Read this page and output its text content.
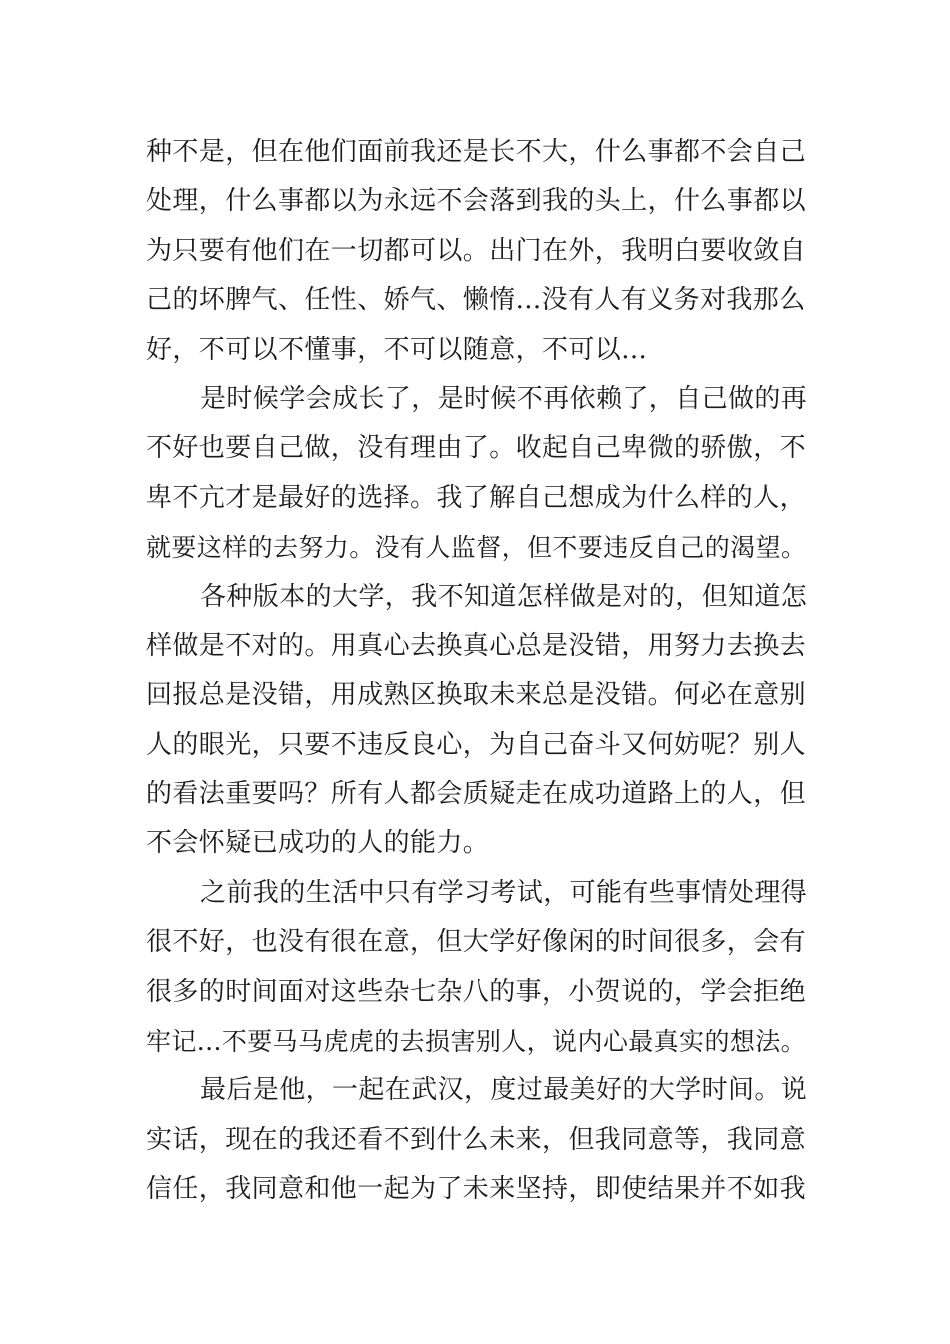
种不是，但在他们面前我还是长不大，什么事都不会自己
处理，什么事都以为永远不会落到我的头上，什么事都以
为只要有他们在一切都可以。出门在外，我明白要收敛自
己的坏脾气、任性、娇气、懒惰...没有人有义务对我那么
好，不可以不懂事，不可以随意，不可以...
是时候学会成长了，是时候不再依赖了，自己做的再
不好也要自己做，没有理由了。收起自己卑微的骄傲，不
卑不亢才是最好的选择。我了解自己想成为什么样的人，
就要这样的去努力。没有人监督，但不要违反自己的渴望。
各种版本的大学，我不知道怎样做是对的，但知道怎
样做是不对的。用真心去换真心总是没错，用努力去换去
回报总是没错，用成熟区换取未来总是没错。何必在意别
人的眼光，只要不违反良心，为自己奋斗又何妨呢？别人
的看法重要吗？所有人都会质疑走在成功道路上的人，但
不会怀疑已成功的人的能力。
之前我的生活中只有学习考试，可能有些事情处理得
很不好，也没有很在意，但大学好像闲的时间很多，会有
很多的时间面对这些杂七杂八的事，小贺说的，学会拒绝
牢记...不要马马虎虎的去损害别人，说内心最真实的想法。
最后是他，一起在武汉，度过最美好的大学时间。说
实话，现在的我还看不到什么未来，但我同意等，我同意
信任，我同意和他一起为了未来坚持，即使结果并不如我
